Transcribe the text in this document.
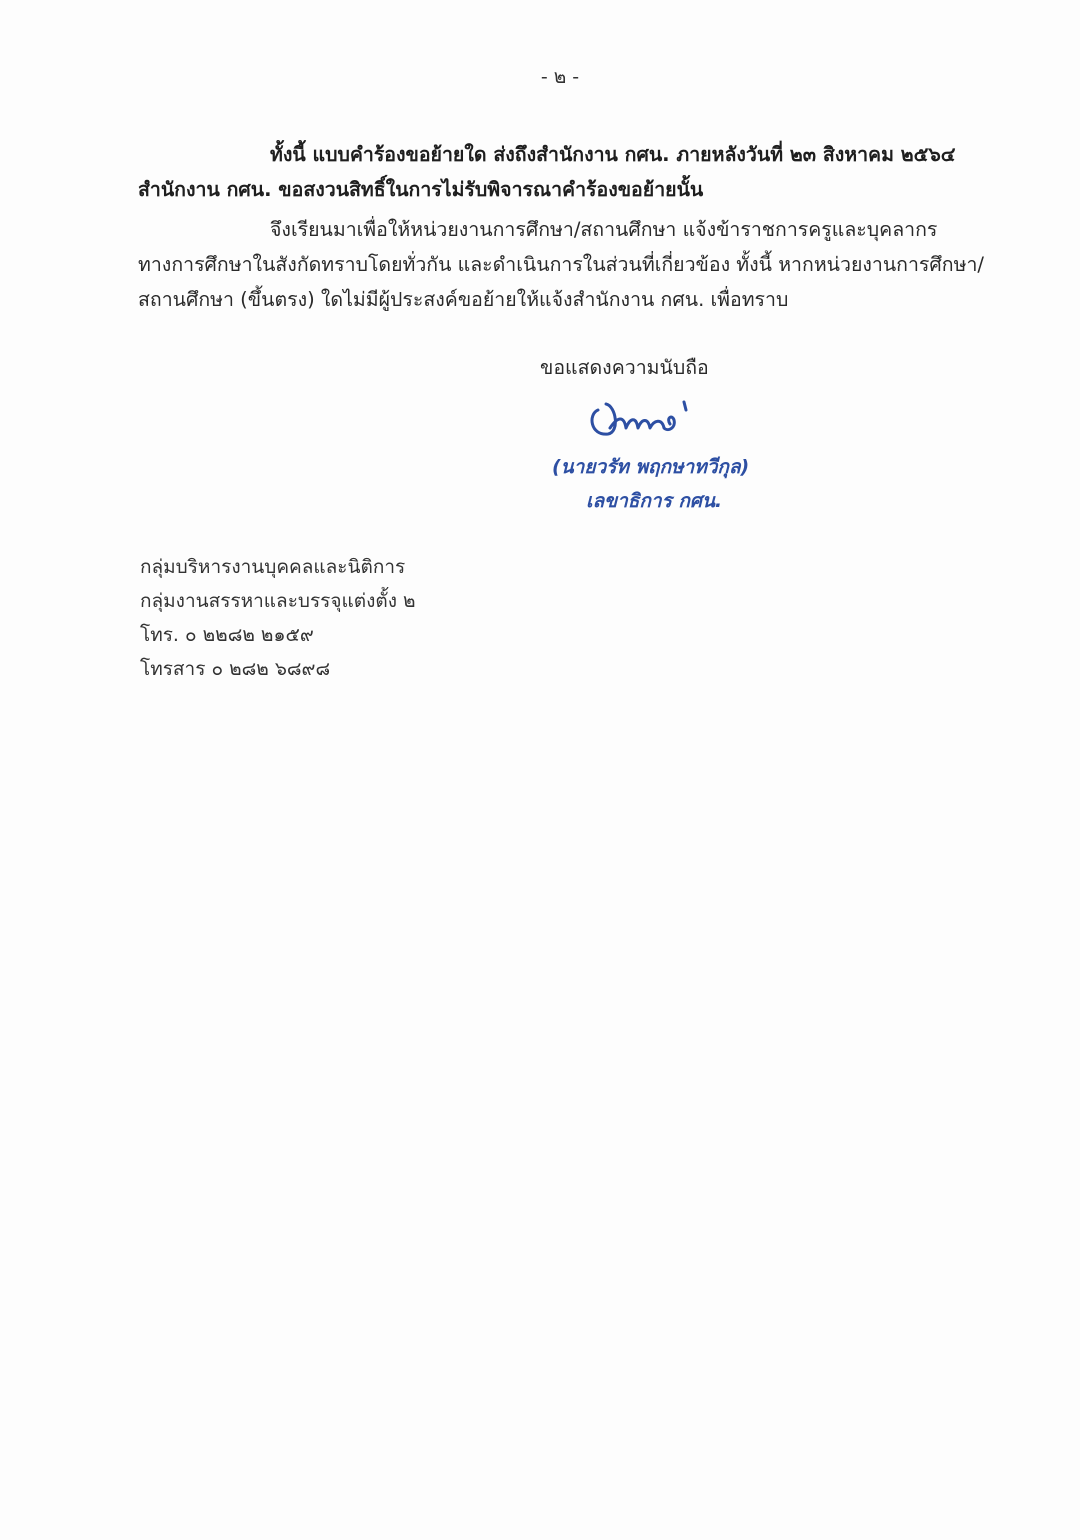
- ๒ -
ทั้งนี้ แบบคำร้องขอย้ายใด ส่งถึงสำนักงาน กศน. ภายหลังวันที่ ๒๓ สิงหาคม ๒๕๖๔
สำนักงาน กศน. ขอสงวนสิทธิ์ในการไม่รับพิจารณาคำร้องขอย้ายนั้น
จึงเรียนมาเพื่อให้หน่วยงานการศึกษา/สถานศึกษา แจ้งข้าราชการครูและบุคลากร
ทางการศึกษาในสังกัดทราบโดยทั่วกัน และดำเนินการในส่วนที่เกี่ยวข้อง ทั้งนี้ หากหน่วยงานการศึกษา/
สถานศึกษา (ขึ้นตรง) ใดไม่มีผู้ประสงค์ขอย้ายให้แจ้งสำนักงาน กศน. เพื่อทราบ
ขอแสดงความนับถือ
(นายวรัท พฤกษาทวีกุล)
เลขาธิการ กศน.
กลุ่มบริหารงานบุคคลและนิติการ
กลุ่มงานสรรหาและบรรจุแต่งตั้ง ๒
โทร. ๐ ๒๒๘๒ ๒๑๕๙
โทรสาร ๐ ๒๘๒ ๖๘๙๘
